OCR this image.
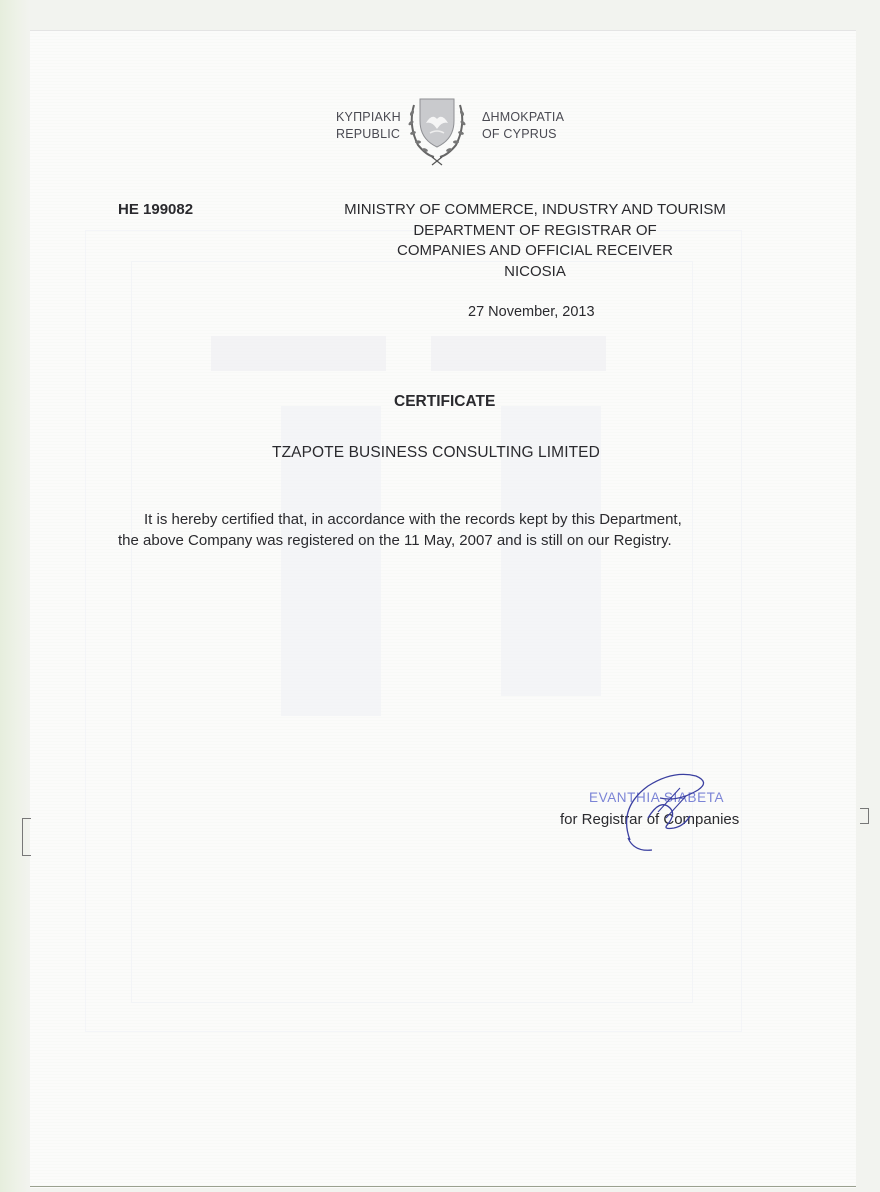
ΚΥΠΡΙΑΚΗ
REPUBLIC
ΔΗΜΟΚΡΑΤΙΑ
OF CYPRUS
HE 199082	MINISTRY OF COMMERCE, INDUSTRY AND TOURISM
DEPARTMENT OF REGISTRAR OF
COMPANIES AND OFFICIAL RECEIVER
NICOSIA
27 November, 2013
CERTIFICATE
TZAPOTE BUSINESS CONSULTING LIMITED
It is hereby certified that, in accordance with the records kept by this Department,
the above Company was registered on the 11 May, 2007 and is still on our Registry.
EVANTHIA SIABETA
for Registrar of Companies
